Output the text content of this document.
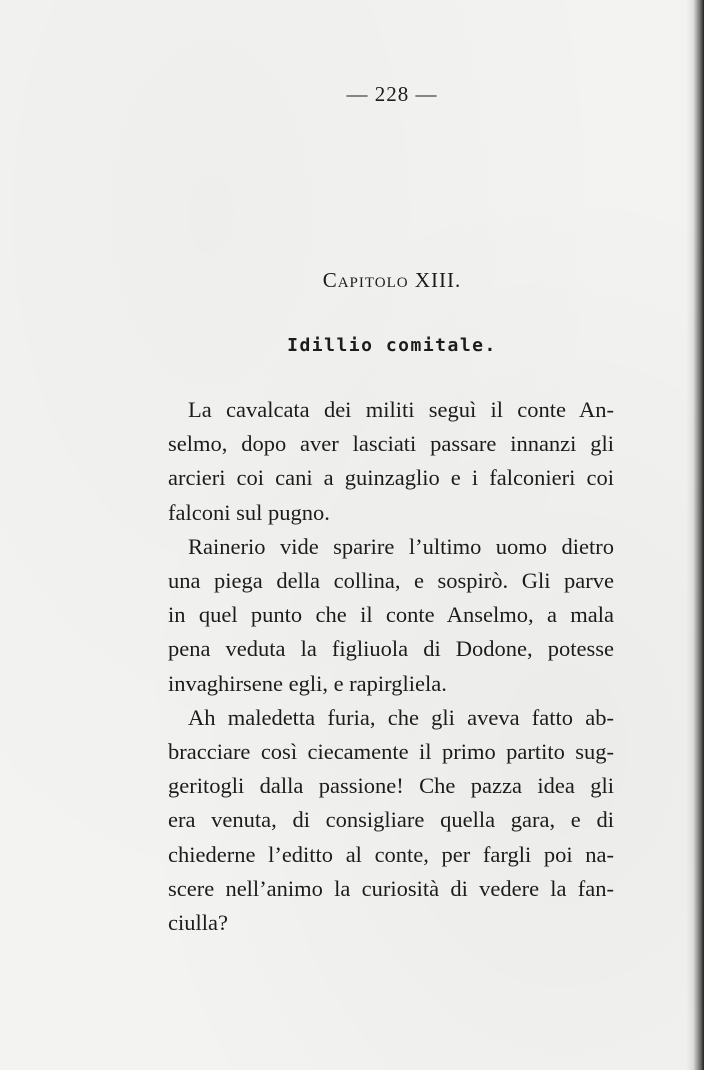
— 228 —
Capitolo XIII.
Idillio comitale.
La cavalcata dei militi seguì il conte An-
selmo, dopo aver lasciati passare innanzi gli
arcieri coi cani a guinzaglio e i falconieri coi
falconi sul pugno.
Rainerio vide sparire l’ultimo uomo dietro
una piega della collina, e sospirò. Gli parve
in quel punto che il conte Anselmo, a mala
pena veduta la figliuola di Dodone, potesse
invaghirsene egli, e rapirgliela.
Ah maledetta furia, che gli aveva fatto ab-
bracciare così ciecamente il primo partito sug-
geritogli dalla passione! Che pazza idea gli
era venuta, di consigliare quella gara, e di
chiederne l’editto al conte, per fargli poi na-
scere nell’animo la curiosità di vedere la fan-
ciulla?
